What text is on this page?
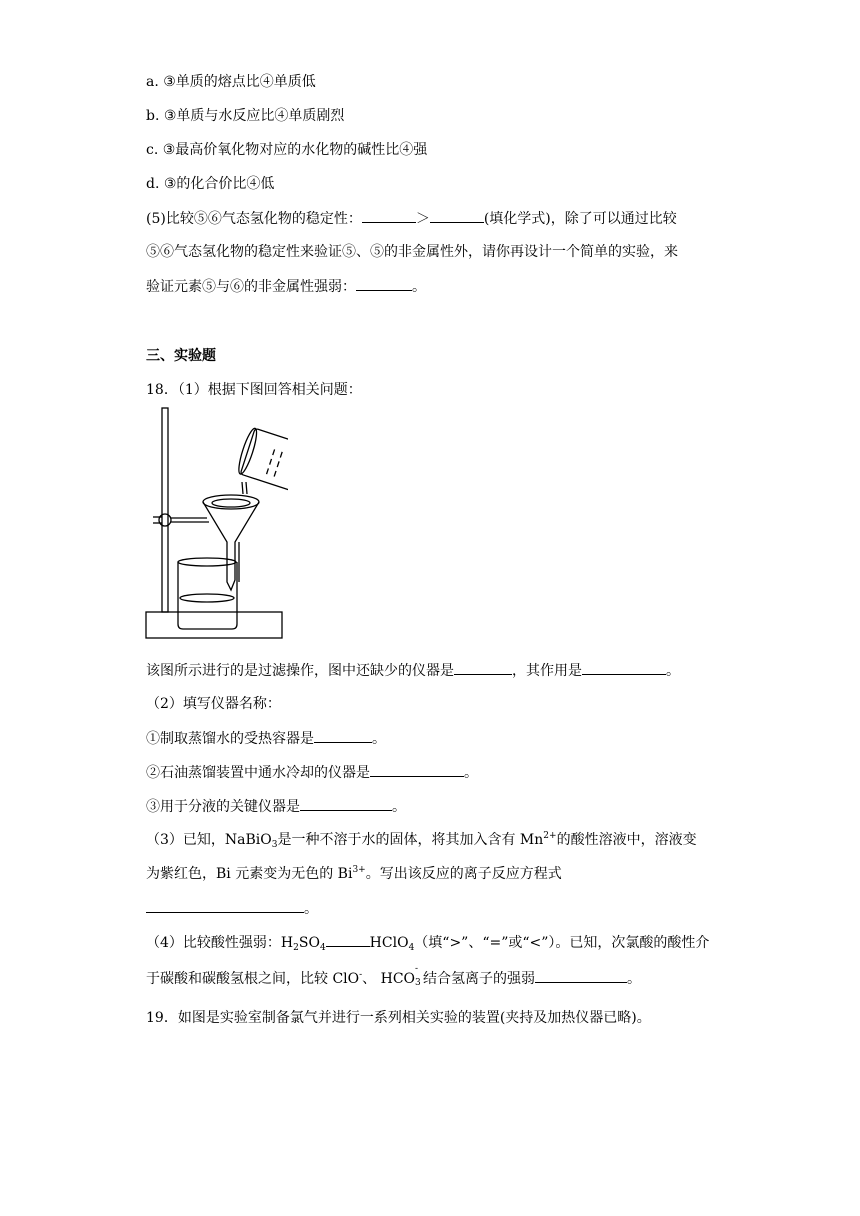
a. ③单质的熔点比④单质低
b. ③单质与水反应比④单质剧烈
c. ③最高价氧化物对应的水化物的碱性比④强
d. ③的化合价比④低
(5)比较⑤⑥气态氢化物的稳定性：	＞	(填化学式)，除了可以通过比较
⑤⑥气态氢化物的稳定性来验证⑤、⑤的非金属性外，请你再设计一个简单的实验，来
验证元素⑤与⑥的非金属性强弱：	。
三、实验题
18．（1）根据下图回答相关问题：
该图所示进行的是过滤操作，图中还缺少的仪器是	，其作用是	。
（2）填写仪器名称：
①制取蒸馏水的受热容器是	。
②石油蒸馏装置中通水冷却的仪器是	。
③用于分液的关键仪器是	。
（3）已知，NaBiO$_3$是一种不溶于水的固体，将其加入含有 $Mn^{2+}$的酸性溶液中，溶液变
为紫红色，Bi 元素变为无色的 $Bi^{3+}$。写出该反应的离子反应方程式
。
（4）比较酸性强弱：$H_2SO_4$	HClO$_4$（填“>”、“=”或“<”）。已知，次氯酸的酸性介
于碳酸和碳酸氢根之间，比较 ClO-、 HCO
-
3 结合氢离子的强弱	。
19．如图是实验室制备氯气并进行一系列相关实验的装置(夹持及加热仪器已略)。
